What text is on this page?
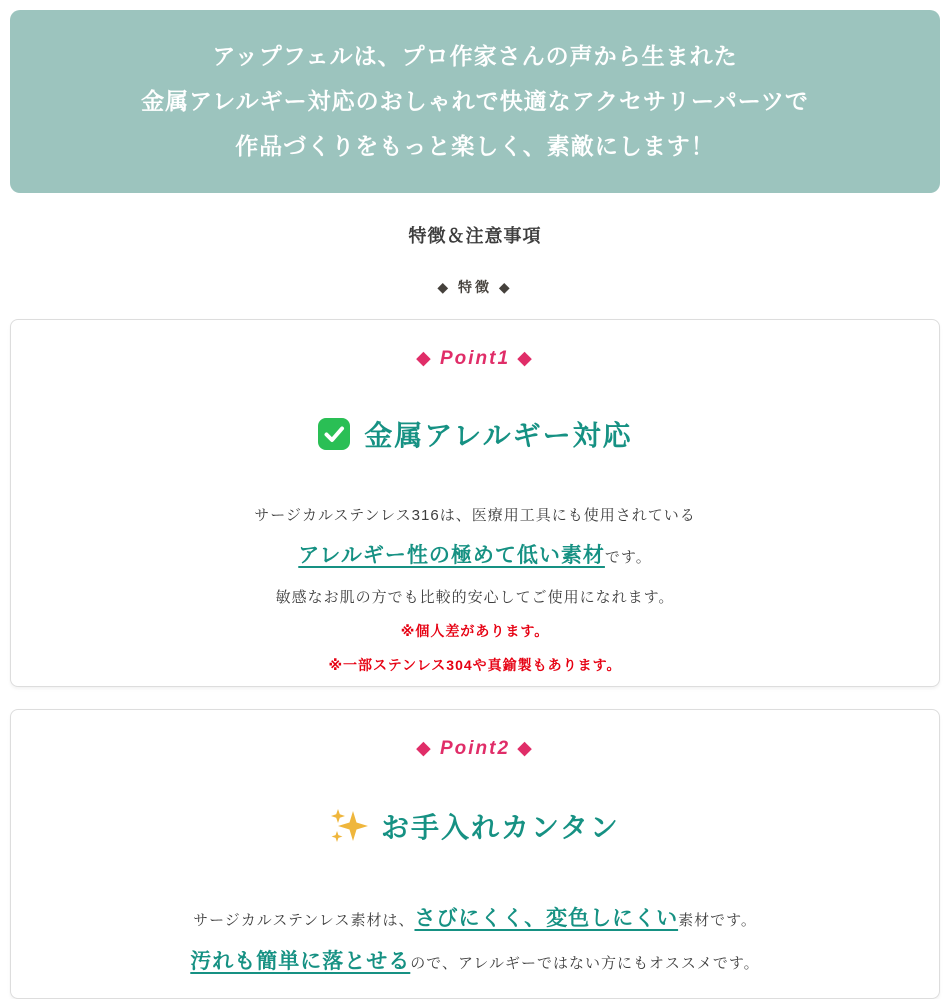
アップフェルは、プロ作家さんの声から生まれた

金属アレルギー対応のおしゃれで快適なアクセサリーパーツで

作品づくりをもっと楽しく、素敵にします！

特徴＆注意事項
◆ 特徴 ◆
◆ Point1 ◆
金属アレルギー対応

サージカルステンレス316は、医療用工具にも使用されている

アレルギー性の極めて低い素材です。

敏感なお肌の方でも比較的安心してご使用になれます。

※個人差があります。

※一部ステンレス304や真鍮製もあります。

◆ Point2 ◆
お手入れカンタン

サージカルステンレス素材は、さびにくく、変色しにくい素材です。

汚れも簡単に落とせるので、アレルギーではない方にもオススメです。
